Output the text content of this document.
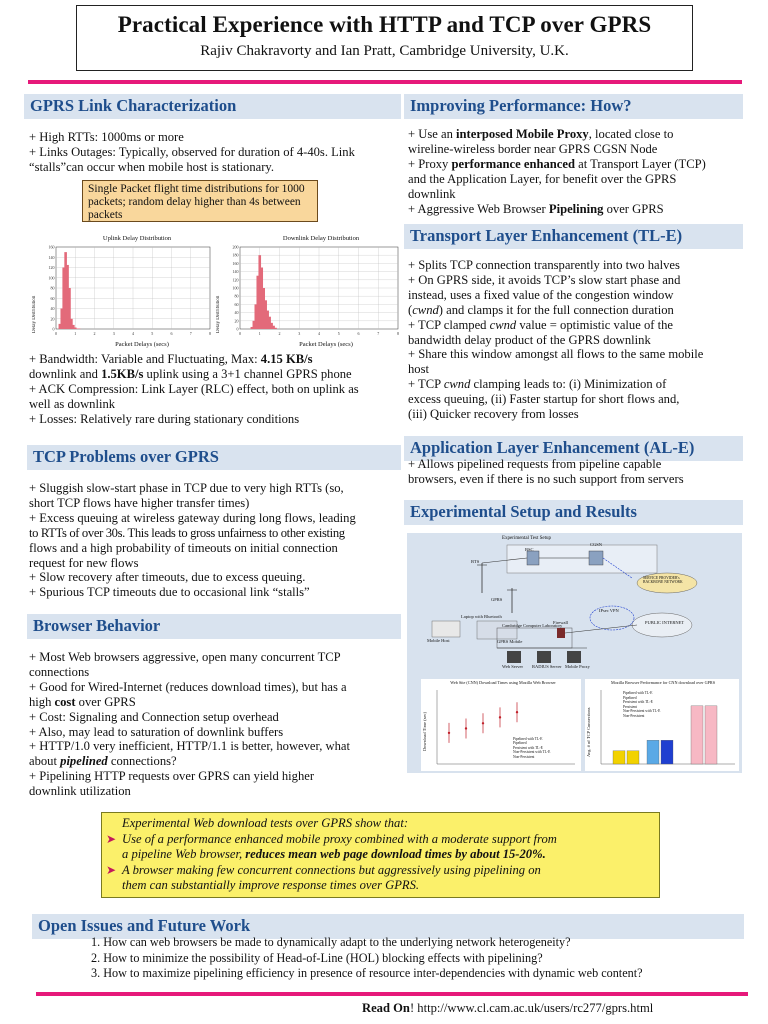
Practical Experience with HTTP and TCP over GPRS
Rajiv Chakravorty and Ian Pratt, Cambridge University, U.K.
GPRS Link Characterization

+ High RTTs: 1000ms or more

+ Links Outages: Typically, observed for duration of 4-40s. Link

“stalls”can occur when mobile host is stationary.

Single Packet flight time distributions for 1000 packets; random delay higher than 4s between packets
Uplink Delay Distribution
Delay Distribution
160
140
120
100
80
60
40
20
0
0	1	2	3	4	5	6	7	8
Packet Delays (secs)
Downlink Delay Distribution
Delay Distribution
200
180
160
140
120
100
80
60
40
20
0
0	1	2	3	4	5	6	7	8
Packet Delays (secs)

+ Bandwidth: Variable and Fluctuating, Max: 4.15 KB/s

downlink and 1.5KB/s uplink using a 3+1 channel GPRS phone

+ ACK Compression: Link Layer (RLC) effect, both on uplink as

well as downlink

+ Losses: Relatively rare during stationary conditions

TCP Problems over GPRS

+ Sluggish slow-start phase in TCP due to very high RTTs (so,

short TCP flows have higher transfer times)

+ Excess queuing at wireless gateway during long flows, leading

to RTTs of over 30s. This leads to gross unfairness to other existing

flows and a high probability of timeouts on initial connection

request for new flows

+ Slow recovery after timeouts, due to excess queuing.

+ Spurious TCP timeouts due to occasional link “stalls”

Browser Behavior

+ Most Web browsers aggressive, open many concurrent TCP

connections

+ Good for Wired-Internet (reduces download times), but has a

high cost over GPRS

+ Cost: Signaling and Connection setup overhead

+ Also, may lead to saturation of downlink buffers

+ HTTP/1.0 very inefficient, HTTP/1.1 is better, however, what

about pipelined connections?

+ Pipelining HTTP requests over GPRS can yield higher

downlink utilization

Improving Performance: How?

+ Use an interposed Mobile Proxy, located close to

wireline-wireless border near GPRS CGSN Node

+ Proxy performance enhanced at Transport Layer (TCP)

and the Application Layer, for benefit over the GPRS

downlink

+ Aggressive Web Browser Pipelining over GPRS

Transport Layer Enhancement (TL-E)

+ Splits TCP connection transparently into two halves

+ On GPRS side, it avoids TCP’s slow start phase and

instead, uses a fixed value of the congestion window

(cwnd) and clamps it for the full connection duration

+ TCP clamped cwnd value = optimistic value of the

bandwidth delay product of the GPRS downlink

+ Share this window amongst all flows to the same mobile

host

+ TCP cwnd clamping leads to: (i) Minimization of

excess queuing, (ii) Faster startup for short flows and,

(iii) Quicker recovery from losses

Application Layer Enhancement (AL-E)

+ Allows pipelined requests from pipeline capable

browsers, even if there is no such support from servers

Experimental Setup and Results
Experimental Test Setup
CGSN
BSC
BTS
GPRS
SERVICE PROVIDER's BACKBONE NETWORK
IPsec VPN
PUBLIC INTERNET
Laptop with Bluetooth
Mobile Host	GPRS Mobile
Cambridge Computer Laboratory
Firewall
Web Server RADIUS Server Mobile Proxy
Web Site (CNN) Download Times using Mozilla Web Browser
Download Time (sec)	Pipelined with TL-E
Pipelined
Persistent with TL-E
Non-Persistent with TL-E
Non-Persistent
Mozilla Browser Performance for CNN download over GPRS
Avg. # of TCP Connections
Pipelined with TL-E
Pipelined
Persistent with TL-E
Persistent
Non-Persistent with TL-E
Non-Persistent
Experimental Web download tests over GPRS show that:
➤ Use of a performance enhanced mobile proxy combined with a moderate support from
a pipeline Web browser, reduces mean web page download times by about 15-20%.
➤ A browser making few concurrent connections but aggressively using pipelining on
them can substantially improve response times over GPRS.
Open Issues and Future Work
1. How can web browsers be made to dynamically adapt to the underlying network heterogeneity?
2. How to minimize the possibility of Head-of-Line (HOL) blocking effects with pipelining?
3. How to maximize pipelining efficiency in presence of resource inter-dependencies with dynamic web content?
Read On! http://www.cl.cam.ac.uk/users/rc277/gprs.html
